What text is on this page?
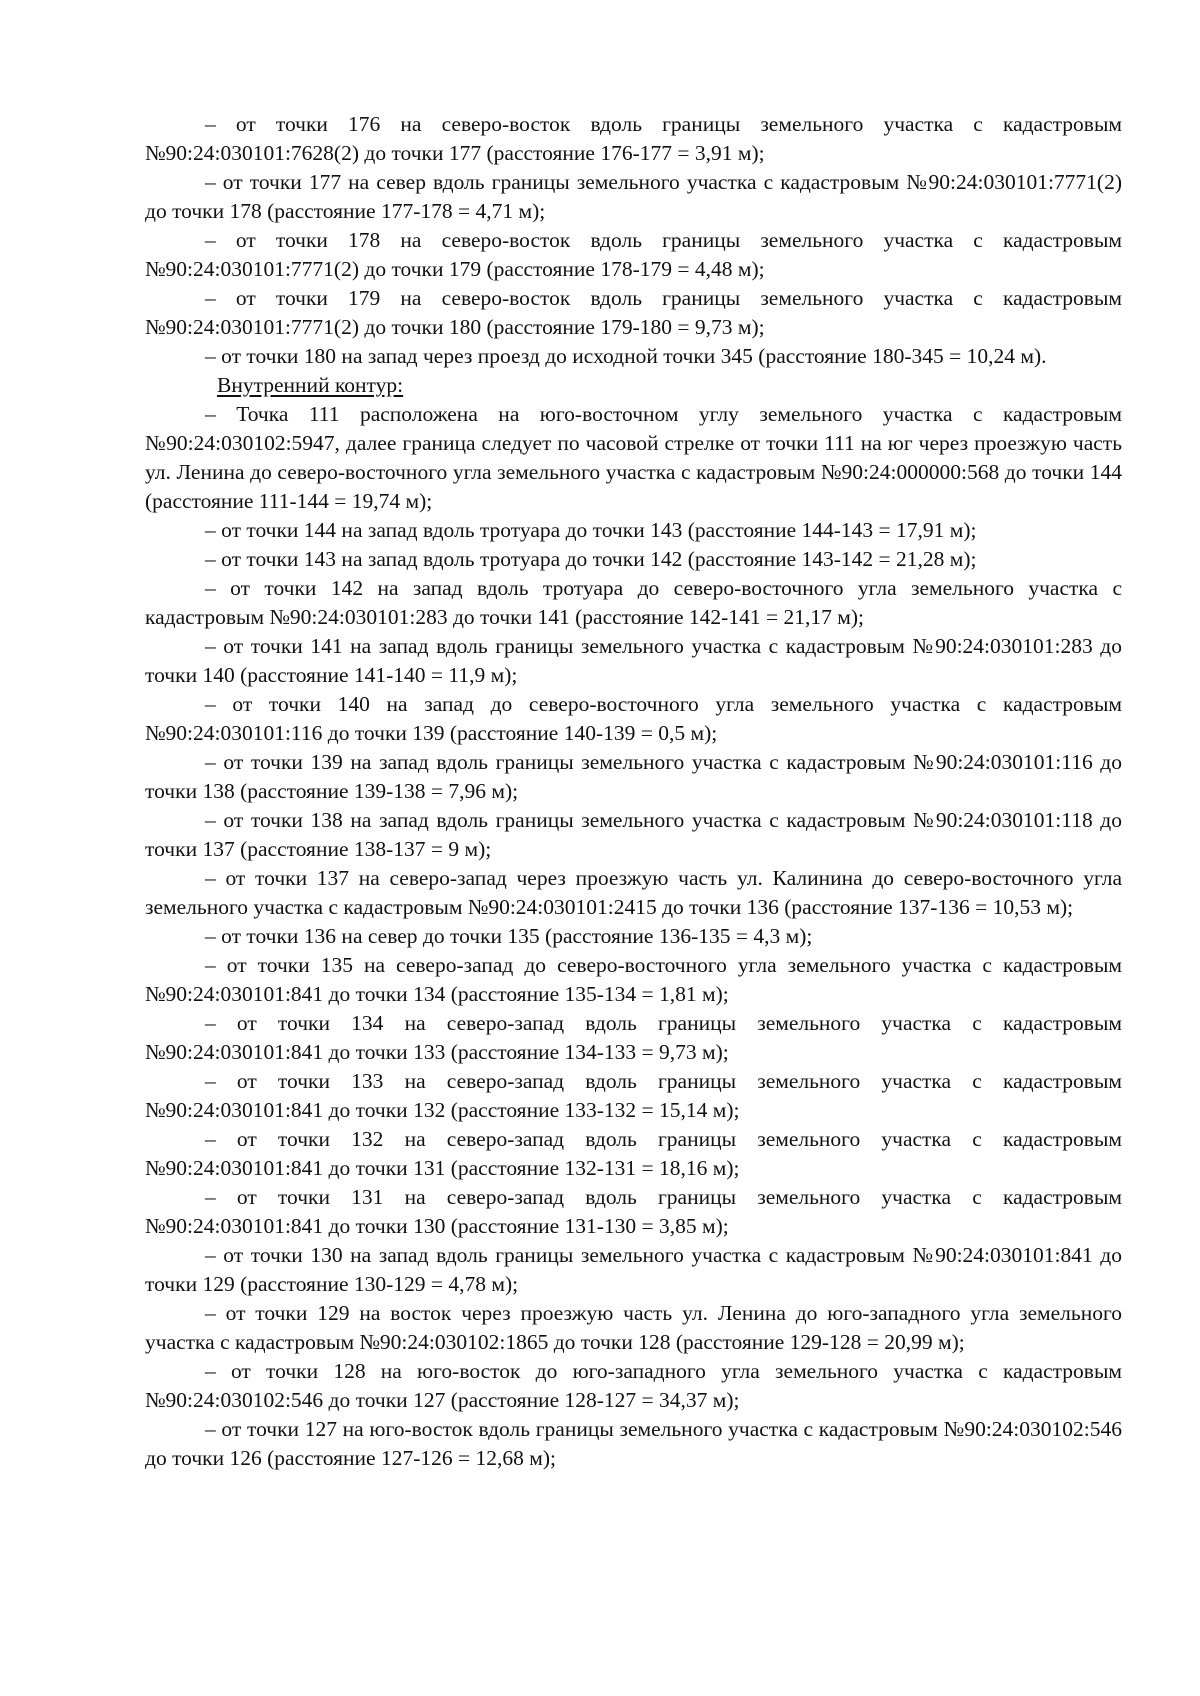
– от точки 176 на северо-восток вдоль границы земельного участка с кадастровым №90:24:030101:7628(2) до точки 177 (расстояние 176-177 = 3,91 м);

– от точки 177 на север вдоль границы земельного участка с кадастровым №90:24:030101:7771(2) до точки 178 (расстояние 177-178 = 4,71 м);

– от точки 178 на северо-восток вдоль границы земельного участка с кадастровым №90:24:030101:7771(2) до точки 179 (расстояние 178-179 = 4,48 м);

– от точки 179 на северо-восток вдоль границы земельного участка с кадастровым №90:24:030101:7771(2) до точки 180 (расстояние 179-180 = 9,73 м);

– от точки 180 на запад через проезд до исходной точки 345 (расстояние 180-345 = 10,24 м).

Внутренний контур:

– Точка 111 расположена на юго-восточном углу земельного участка с кадастровым №90:24:030102:5947, далее граница следует по часовой стрелке от точки 111 на юг через проезжую часть ул. Ленина до северо-восточного угла земельного участка с кадастровым №90:24:000000:568 до точки 144 (расстояние 111-144 = 19,74 м);

– от точки 144 на запад вдоль тротуара до точки 143 (расстояние 144-143 = 17,91 м);

– от точки 143 на запад вдоль тротуара до точки 142 (расстояние 143-142 = 21,28 м);

– от точки 142 на запад вдоль тротуара до северо-восточного угла земельного участка с кадастровым №90:24:030101:283 до точки 141 (расстояние 142-141 = 21,17 м);

– от точки 141 на запад вдоль границы земельного участка с кадастровым №90:24:030101:283 до точки 140 (расстояние 141-140 = 11,9 м);

– от точки 140 на запад до северо-восточного угла земельного участка с кадастровым №90:24:030101:116 до точки 139 (расстояние 140-139 = 0,5 м);

– от точки 139 на запад вдоль границы земельного участка с кадастровым №90:24:030101:116 до точки 138 (расстояние 139-138 = 7,96 м);

– от точки 138 на запад вдоль границы земельного участка с кадастровым №90:24:030101:118 до точки 137 (расстояние 138-137 = 9 м);

– от точки 137 на северо-запад через проезжую часть ул. Калинина до северо-восточного угла земельного участка с кадастровым №90:24:030101:2415 до точки 136 (расстояние 137-136 = 10,53 м);

– от точки 136 на север до точки 135 (расстояние 136-135 = 4,3 м);

– от точки 135 на северо-запад до северо-восточного угла земельного участка с кадастровым №90:24:030101:841 до точки 134 (расстояние 135-134 = 1,81 м);

– от точки 134 на северо-запад вдоль границы земельного участка с кадастровым №90:24:030101:841 до точки 133 (расстояние 134-133 = 9,73 м);

– от точки 133 на северо-запад вдоль границы земельного участка с кадастровым №90:24:030101:841 до точки 132 (расстояние 133-132 = 15,14 м);

– от точки 132 на северо-запад вдоль границы земельного участка с кадастровым №90:24:030101:841 до точки 131 (расстояние 132-131 = 18,16 м);

– от точки 131 на северо-запад вдоль границы земельного участка с кадастровым №90:24:030101:841 до точки 130 (расстояние 131-130 = 3,85 м);

– от точки 130 на запад вдоль границы земельного участка с кадастровым №90:24:030101:841 до точки 129 (расстояние 130-129 = 4,78 м);

– от точки 129 на восток через проезжую часть ул. Ленина до юго-западного угла земельного участка с кадастровым №90:24:030102:1865 до точки 128 (расстояние 129-128 = 20,99 м);

– от точки 128 на юго-восток до юго-западного угла земельного участка с кадастровым №90:24:030102:546 до точки 127 (расстояние 128-127 = 34,37 м);

– от точки 127 на юго-восток вдоль границы земельного участка с кадастровым №90:24:030102:546 до точки 126 (расстояние 127-126 = 12,68 м);
